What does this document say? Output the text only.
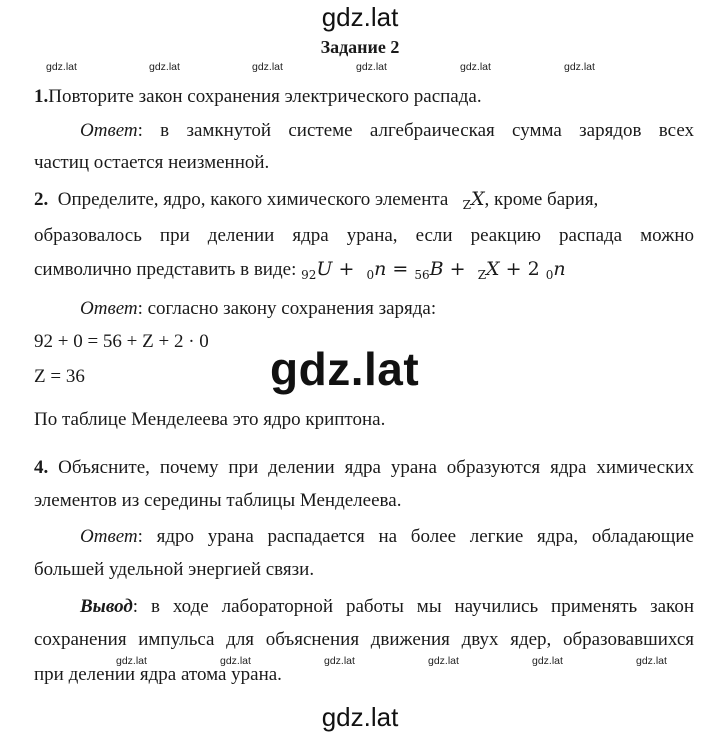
gdz.lat
gdz.lat	gdz.lat	gdz.lat	gdz.lat	gdz.lat	gdz.lat
Задание 2
1.Повторите закон сохранения электрического распада.
Ответ: в замкнутой системе алгебраическая сумма зарядов всех
частиц остается неизменной.
2. Определите, ядро, какого химического элемента $_Z$X, кроме бария,
образовалось при делении ядра урана, если реакцию распада можно
символично представить в виде: $_{92}$U + $_0$n = $_{56}$B + $_Z$X + 2 $_0$n
Ответ: согласно закону сохранения заряда:
92 + 0 = 56 + Z + 2 · 0
Z = 36	gdz.lat
По таблице Менделеева это ядро криптона.
4. Объясните, почему при делении ядра урана образуются ядра химических
элементов из середины таблицы Менделеева.
Ответ: ядро урана распадается на более легкие ядра, обладающие
большей удельной энергией связи.
Вывод: в ходе лабораторной работы мы научились применять закон
сохранения импульса для объяснения движения двух ядер, образовавшихся
gdz.lat	gdz.lat	gdz.lat	gdz.lat	gdz.lat	gdz.lat
при делении ядра атома урана.
gdz.lat
